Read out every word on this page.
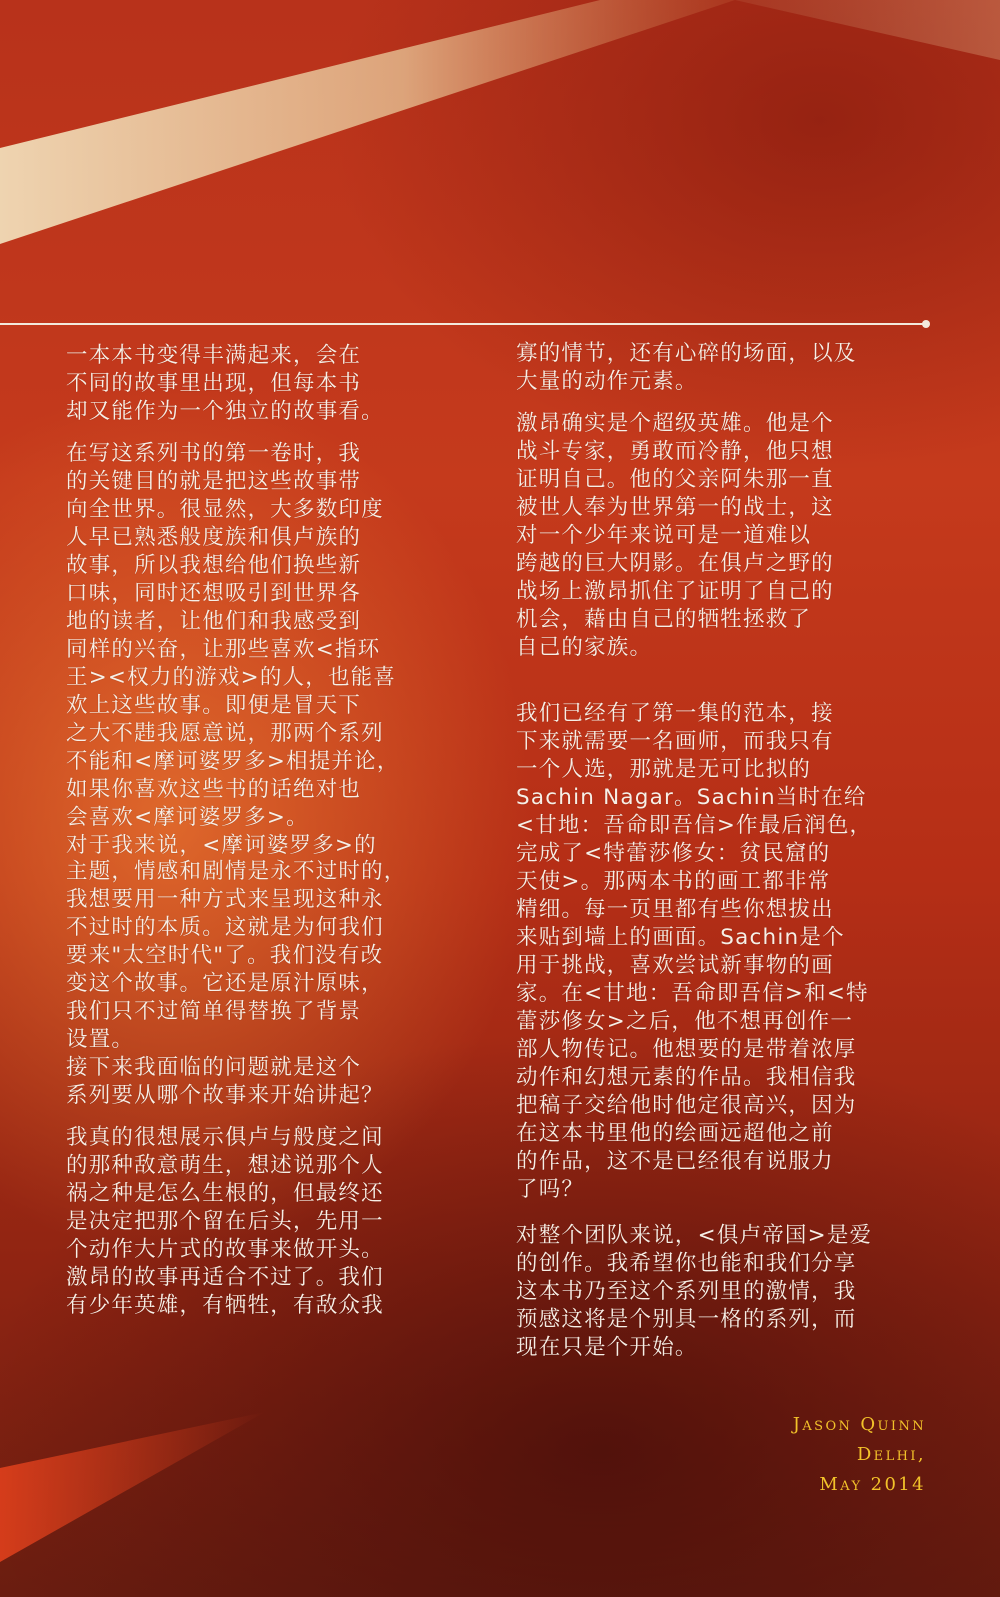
一本本书变得丰满起来，会在
不同的故事里出现，但每本书
却又能作为一个独立的故事看。
在写这系列书的第一卷时，我
的关键目的就是把这些故事带
向全世界。很显然，大多数印度
人早已熟悉般度族和俱卢族的
故事，所以我想给他们换些新
口味，同时还想吸引到世界各
地的读者，让他们和我感受到
同样的兴奋，让那些喜欢<指环
王><权力的游戏>的人，也能喜
欢上这些故事。即便是冒天下
之大不韪我愿意说，那两个系列
不能和<摩诃婆罗多>相提并论，
如果你喜欢这些书的话绝对也
会喜欢<摩诃婆罗多>。
对于我来说，<摩诃婆罗多>的
主题，情感和剧情是永不过时的，
我想要用一种方式来呈现这种永
不过时的本质。这就是为何我们
要来"太空时代"了。我们没有改
变这个故事。它还是原汁原味，
我们只不过简单得替换了背景
设置。
接下来我面临的问题就是这个
系列要从哪个故事来开始讲起？
我真的很想展示俱卢与般度之间
的那种敌意萌生，想述说那个人
祸之种是怎么生根的，但最终还
是决定把那个留在后头，先用一
个动作大片式的故事来做开头。
激昂的故事再适合不过了。我们
有少年英雄，有牺牲，有敌众我
寡的情节，还有心碎的场面，以及
大量的动作元素。
激昂确实是个超级英雄。他是个
战斗专家，勇敢而冷静，他只想
证明自己。他的父亲阿朱那一直
被世人奉为世界第一的战士，这
对一个少年来说可是一道难以
跨越的巨大阴影。在俱卢之野的
战场上激昂抓住了证明了自己的
机会，藉由自己的牺牲拯救了
自己的家族。
我们已经有了第一集的范本，接
下来就需要一名画师，而我只有
一个人选，那就是无可比拟的
Sachin Nagar。Sachin当时在给
<甘地：吾命即吾信>作最后润色，
完成了<特蕾莎修女：贫民窟的
天使>。那两本书的画工都非常
精细。每一页里都有些你想拔出
来贴到墙上的画面。Sachin是个
用于挑战，喜欢尝试新事物的画
家。在<甘地：吾命即吾信>和<特
蕾莎修女>之后，他不想再创作一
部人物传记。他想要的是带着浓厚
动作和幻想元素的作品。我相信我
把稿子交给他时他定很高兴，因为
在这本书里他的绘画远超他之前
的作品，这不是已经很有说服力
了吗？
对整个团队来说，<俱卢帝国>是爱
的创作。我希望你也能和我们分享
这本书乃至这个系列里的激情，我
预感这将是个别具一格的系列，而
现在只是个开始。
Jason Quinn
Delhi,
May 2014
